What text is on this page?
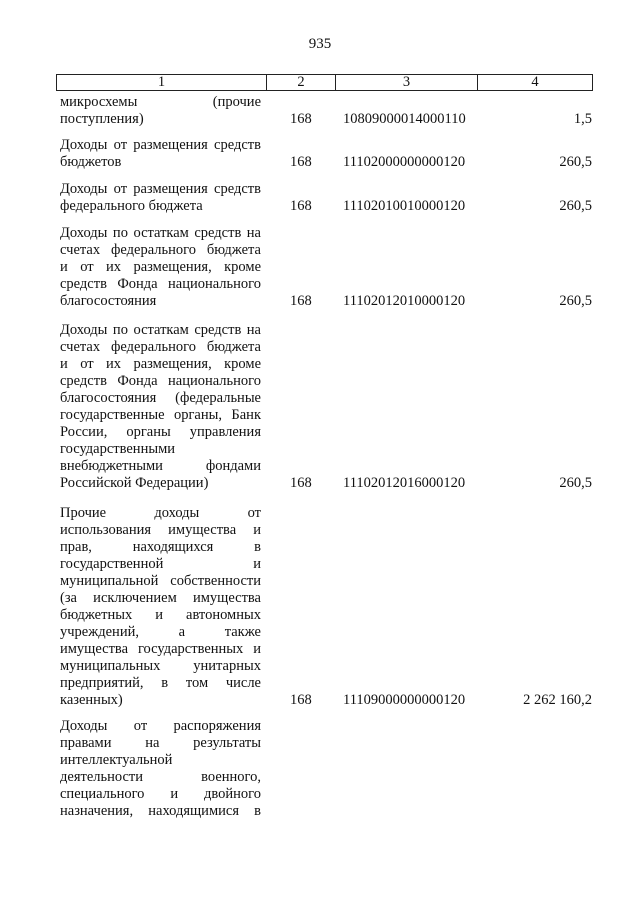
935
1	2	3	4
микросхемы (прочие
поступления)	168 10809000014000110	1,5
Доходы от размещения средств
бюджетов	168 11102000000000120	260,5
Доходы от размещения средств
федерального бюджета	168 11102010010000120	260,5
Доходы по остаткам средств на
счетах федерального бюджета
и от их размещения, кроме
средств Фонда национального
благосостояния	168 11102012010000120	260,5
Доходы по остаткам средств на
счетах федерального бюджета
и от их размещения, кроме
средств Фонда национального
благосостояния (федеральные
государственные органы, Банк
России, органы управления
государственными
внебюджетными фондами
Российской Федерации)	168 11102012016000120	260,5
Прочие доходы от
использования имущества и
прав, находящихся в
государственной и
муниципальной собственности
(за исключением имущества
бюджетных и автономных
учреждений, а также
имущества государственных и
муниципальных унитарных
предприятий, в том числе
казенных)	168 11109000000000120	2 262 160,2
Доходы от распоряжения
правами на результаты
интеллектуальной
деятельности военного,
специального и двойного
назначения, находящимися в
